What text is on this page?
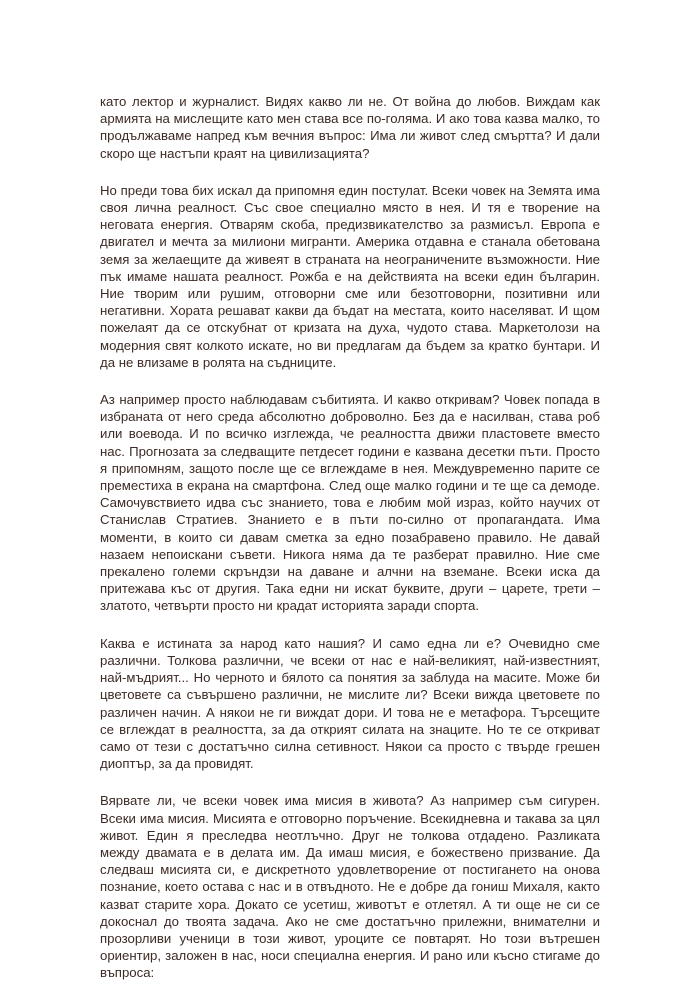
като лектор и журналист. Видях какво ли не. От война до любов. Виждам как армията на мислещите като мен става все по-голяма. И ако това казва малко, то продължаваме напред към вечния въпрос: Има ли живот след смъртта? И дали скоро ще настъпи краят на цивилизацията?

Но преди това бих искал да припомня един постулат. Всеки човек на Земята има своя лична реалност. Със свое специално място в нея. И тя е творение на неговата енергия. Отварям скоба, предизвикателство за размисъл. Европа е двигател и мечта за милиони мигранти. Америка отдавна е станала обетована земя за желаещите да живеят в страната на неограничените възможности. Ние пък имаме нашата реалност. Рожба е на действията на всеки един българин. Ние творим или рушим, отговорни сме или безотговорни, позитивни или негативни. Хората решават какви да бъдат на местата, които населяват. И щом пожелаят да се отскубнат от кризата на духа, чудото става. Маркетолози на модерния свят колкото искате, но ви предлагам да бъдем за кратко бунтари. И да не влизаме в ролята на съдниците.

Аз например просто наблюдавам събитията. И какво откривам? Човек попада в избраната от него среда абсолютно доброволно. Без да е насилван, става роб или воевода. И по всичко изглежда, че реалността движи пластовете вместо нас. Прогнозата за следващите петдесет години е казвана десетки пъти. Просто я припомням, защото после ще се вглеждаме в нея. Междувременно парите се преместиха в екрана на смартфона. След още малко години и те ще са демоде. Самочувствието идва със знанието, това е любим мой израз, който научих от Станислав Стратиев. Знанието е в пъти по-силно от пропагандата. Има моменти, в които си давам сметка за едно позабравено правило. Не давай назаем непоискани съвети. Никога няма да те разберат правилно. Ние сме прекалено големи скръндзи на даване и алчни на вземане. Всеки иска да притежава къс от другия. Така едни ни искат буквите, други – царете, трети – златото, четвърти просто ни крадат историята заради спорта.

Каква е истината за народ като нашия? И само една ли е? Очевидно сме различни. Толкова различни, че всеки от нас е най-великият, най-известният, най-мъдрият... Но черното и бялото са понятия за заблуда на масите. Може би цветовете са съвършено различни, не мислите ли? Всеки вижда цветовете по различен начин. А някои не ги виждат дори. И това не е метафора. Търсещите се вглеждат в реалността, за да открият силата на знаците. Но те се откриват само от тези с достатъчно силна сетивност. Някои са просто с твърде грешен диоптър, за да провидят.

Вярвате ли, че всеки човек има мисия в живота? Аз например съм сигурен. Всеки има мисия. Мисията е отговорно поръчение. Всекидневна и такава за цял живот. Един я преследва неотлъчно. Друг не толкова отдадено. Разликата между двамата е в делата им. Да имаш мисия, е божествено призвание. Да следваш мисията си, е дискретното удовлетворение от постигането на онова познание, което остава с нас и в отвъдното. Не е добре да гониш Михаля, както казват старите хора. Докато се усетиш, животът е отлетял. А ти още не си се докоснал до твоята задача. Ако не сме достатъчно прилежни, внимателни и прозорливи ученици в този живот, уроците се повтарят. Но този вътрешен ориентир, заложен в нас, носи специална енергия. И рано или късно стигаме до въпроса:
